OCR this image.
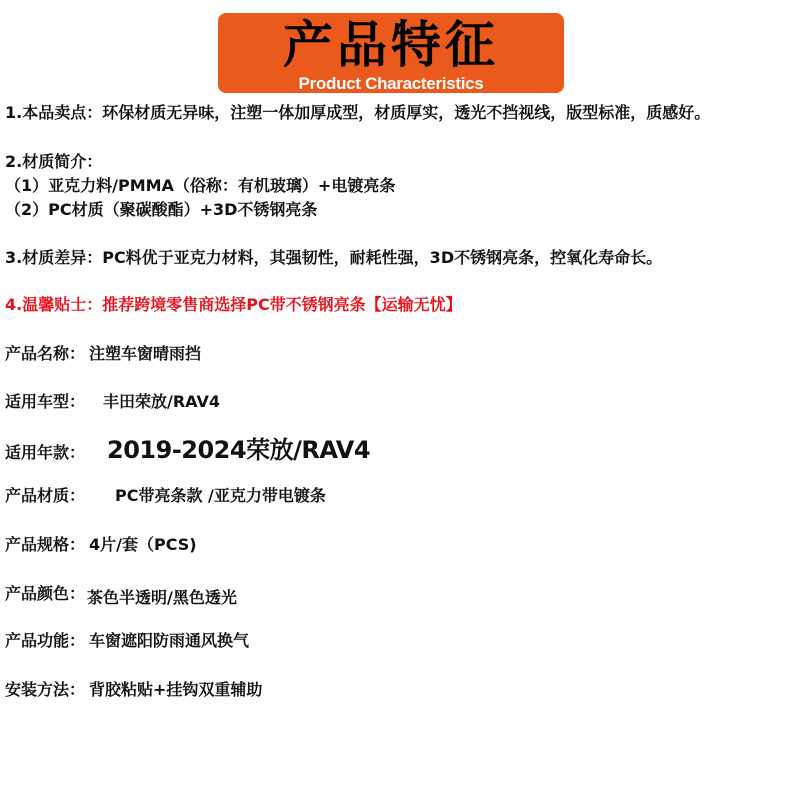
产品特征
Product Characteristics
1.本品卖点：环保材质无异味，注塑一体加厚成型，材质厚实，透光不挡视线，版型标准，质感好。
2.材质简介：
（1）亚克力料/PMMA（俗称：有机玻璃）+电镀亮条
（2）PC材质（聚碳酸酯）+3D不锈钢亮条
3.材质差异：PC料优于亚克力材料，其强韧性，耐耗性强，3D不锈钢亮条，控氧化寿命长。
4.温馨贴士：推荐跨境零售商选择PC带不锈钢亮条【运输无忧】
产品名称： 注塑车窗晴雨挡
适用车型： 丰田荣放/RAV4
适用年款： 2019-2024荣放/RAV4
产品材质： PC带亮条款 /亚克力带电镀条
产品规格： 4片/套（PCS)
产品颜色： 茶色半透明/黑色透光
产品功能： 车窗遮阳防雨通风换气
安装方法： 背胶粘贴+挂钩双重辅助
